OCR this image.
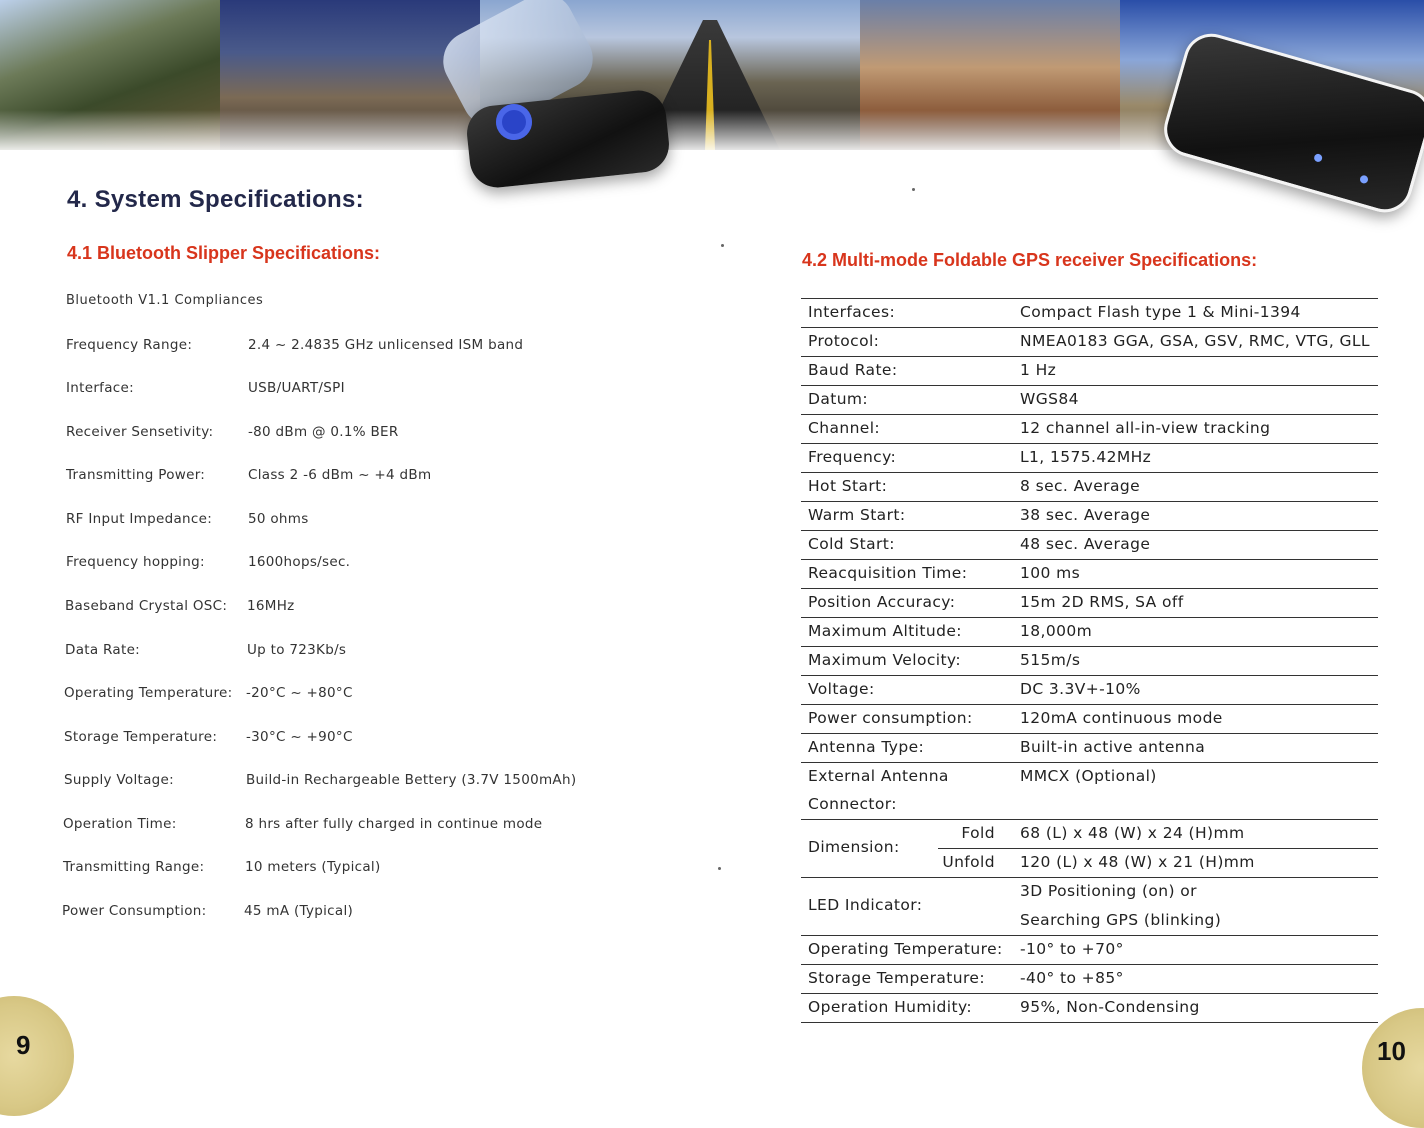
4. System Specifications:
4.1 Bluetooth Slipper Specifications:
Bluetooth V1.1 Compliances
Frequency Range:	2.4 ~ 2.4835 GHz unlicensed ISM band
Interface:	USB/UART/SPI
Receiver Sensetivity:	-80 dBm @ 0.1% BER
Transmitting Power:	Class 2 -6 dBm ~ +4 dBm
RF Input Impedance:	50 ohms
Frequency hopping:	1600hops/sec.
Baseband Crystal OSC: 16MHz
Data Rate:	Up to 723Kb/s
Operating Temperature: -20°C ~ +80°C
Storage Temperature: -30°C ~ +90°C
Supply Voltage:	Build-in Rechargeable Bettery (3.7V 1500mAh)
Operation Time:	8 hrs after fully charged in continue mode
Transmitting Range:	10 meters (Typical)
Power Consumption:	45 mA (Typical)
4.2 Multi-mode Foldable GPS receiver Specifications:
Interfaces:	Compact Flash type 1 & Mini-1394
Protocol:	NMEA0183 GGA, GSA, GSV, RMC, VTG, GLL
Baud Rate:	1 Hz
Datum:	WGS84
Channel:	12 channel all-in-view tracking
Frequency:	L1, 1575.42MHz
Hot Start:	8 sec. Average
Warm Start:	38 sec. Average
Cold Start:	48 sec. Average
Reacquisition Time:	100 ms
Position Accuracy:	15m 2D RMS, SA off
Maximum Altitude:	18,000m
Maximum Velocity:	515m/s
Voltage:	DC 3.3V+-10%
Power consumption:	120mA continuous mode
Antenna Type:	Built-in active antenna
External Antenna	MMCX (Optional)
Connector:
Dimension:
Fold 68 (L) x 48 (W) x 24 (H)mm
Unfold 120 (L) x 48 (W) x 21 (H)mm
LED Indicator:
3D Positioning (on) or
Searching GPS (blinking)
Operating Temperature: -10° to +70°
Storage Temperature: -40° to +85°
Operation Humidity:	95%, Non-Condensing
9	10
